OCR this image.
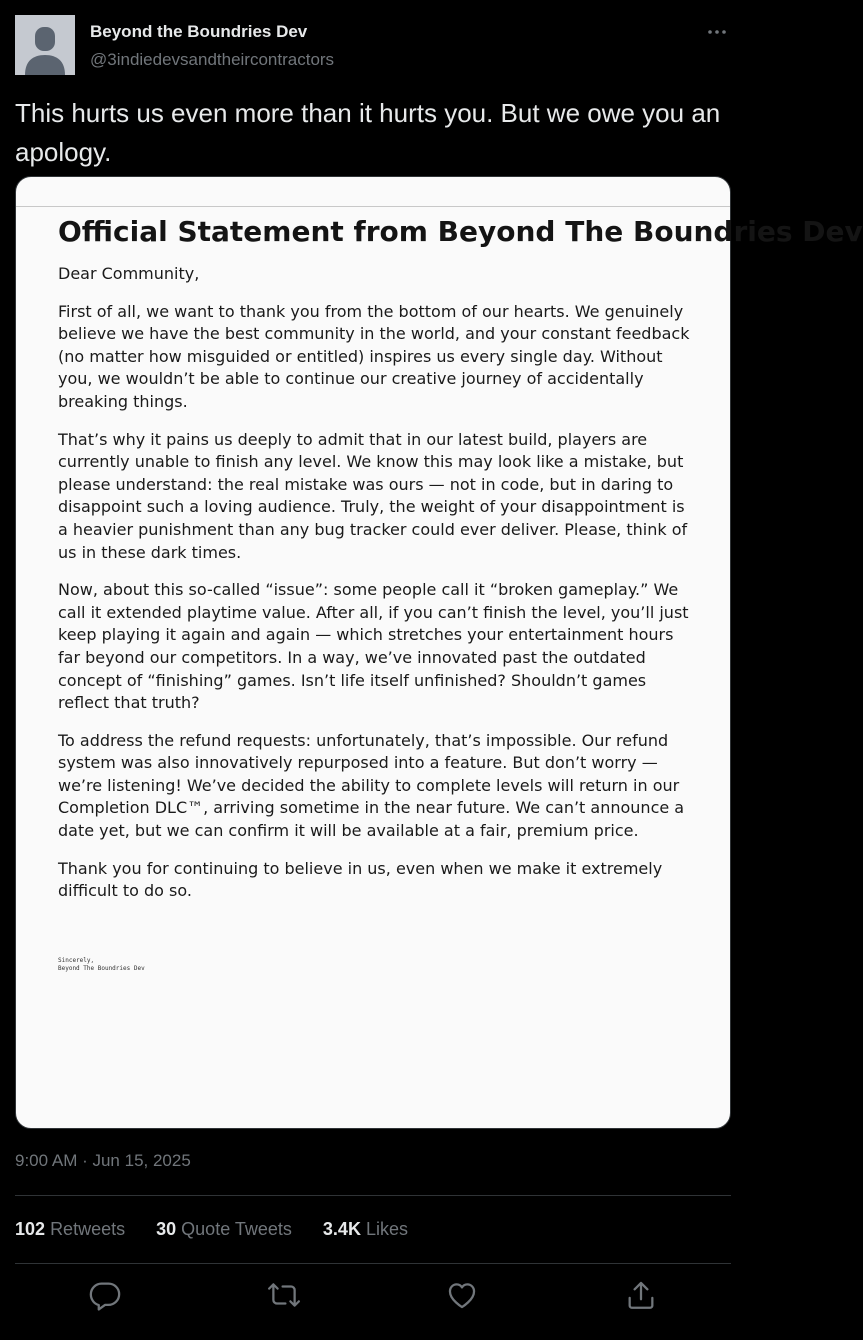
Beyond the Boundries Dev
@3indiedevsandtheircontractors
This hurts us even more than it hurts you. But we owe you an apology.
Official Statement from Beyond The Boundries Dev

Dear Community,

First of all, we want to thank you from the bottom of our hearts. We genuinely believe we have the best community in the world, and your constant feedback (no matter how misguided or entitled) inspires us every single day. Without you, we wouldn’t be able to continue our creative journey of accidentally breaking things.

That’s why it pains us deeply to admit that in our latest build, players are currently unable to finish any level. We know this may look like a mistake, but please understand: the real mistake was ours — not in code, but in daring to disappoint such a loving audience. Truly, the weight of your disappointment is a heavier punishment than any bug tracker could ever deliver. Please, think of us in these dark times.

Now, about this so-called “issue”: some people call it “broken gameplay.” We call it extended playtime value. After all, if you can’t finish the level, you’ll just keep playing it again and again — which stretches your entertainment hours far beyond our competitors. In a way, we’ve innovated past the outdated concept of “finishing” games. Isn’t life itself unfinished? Shouldn’t games reflect that truth?

To address the refund requests: unfortunately, that’s impossible. Our refund system was also innovatively repurposed into a feature. But don’t worry — we’re listening! We’ve decided the ability to complete levels will return in our Completion DLC™, arriving sometime in the near future. We can’t announce a date yet, but we can confirm it will be available at a fair, premium price.

Thank you for continuing to believe in us, even when we make it extremely difficult to do so.

Sincerely,
Beyond The Boundries Dev
9:00 AM · Jun 15, 2025
102 Retweets 30 Quote Tweets 3.4K Likes
